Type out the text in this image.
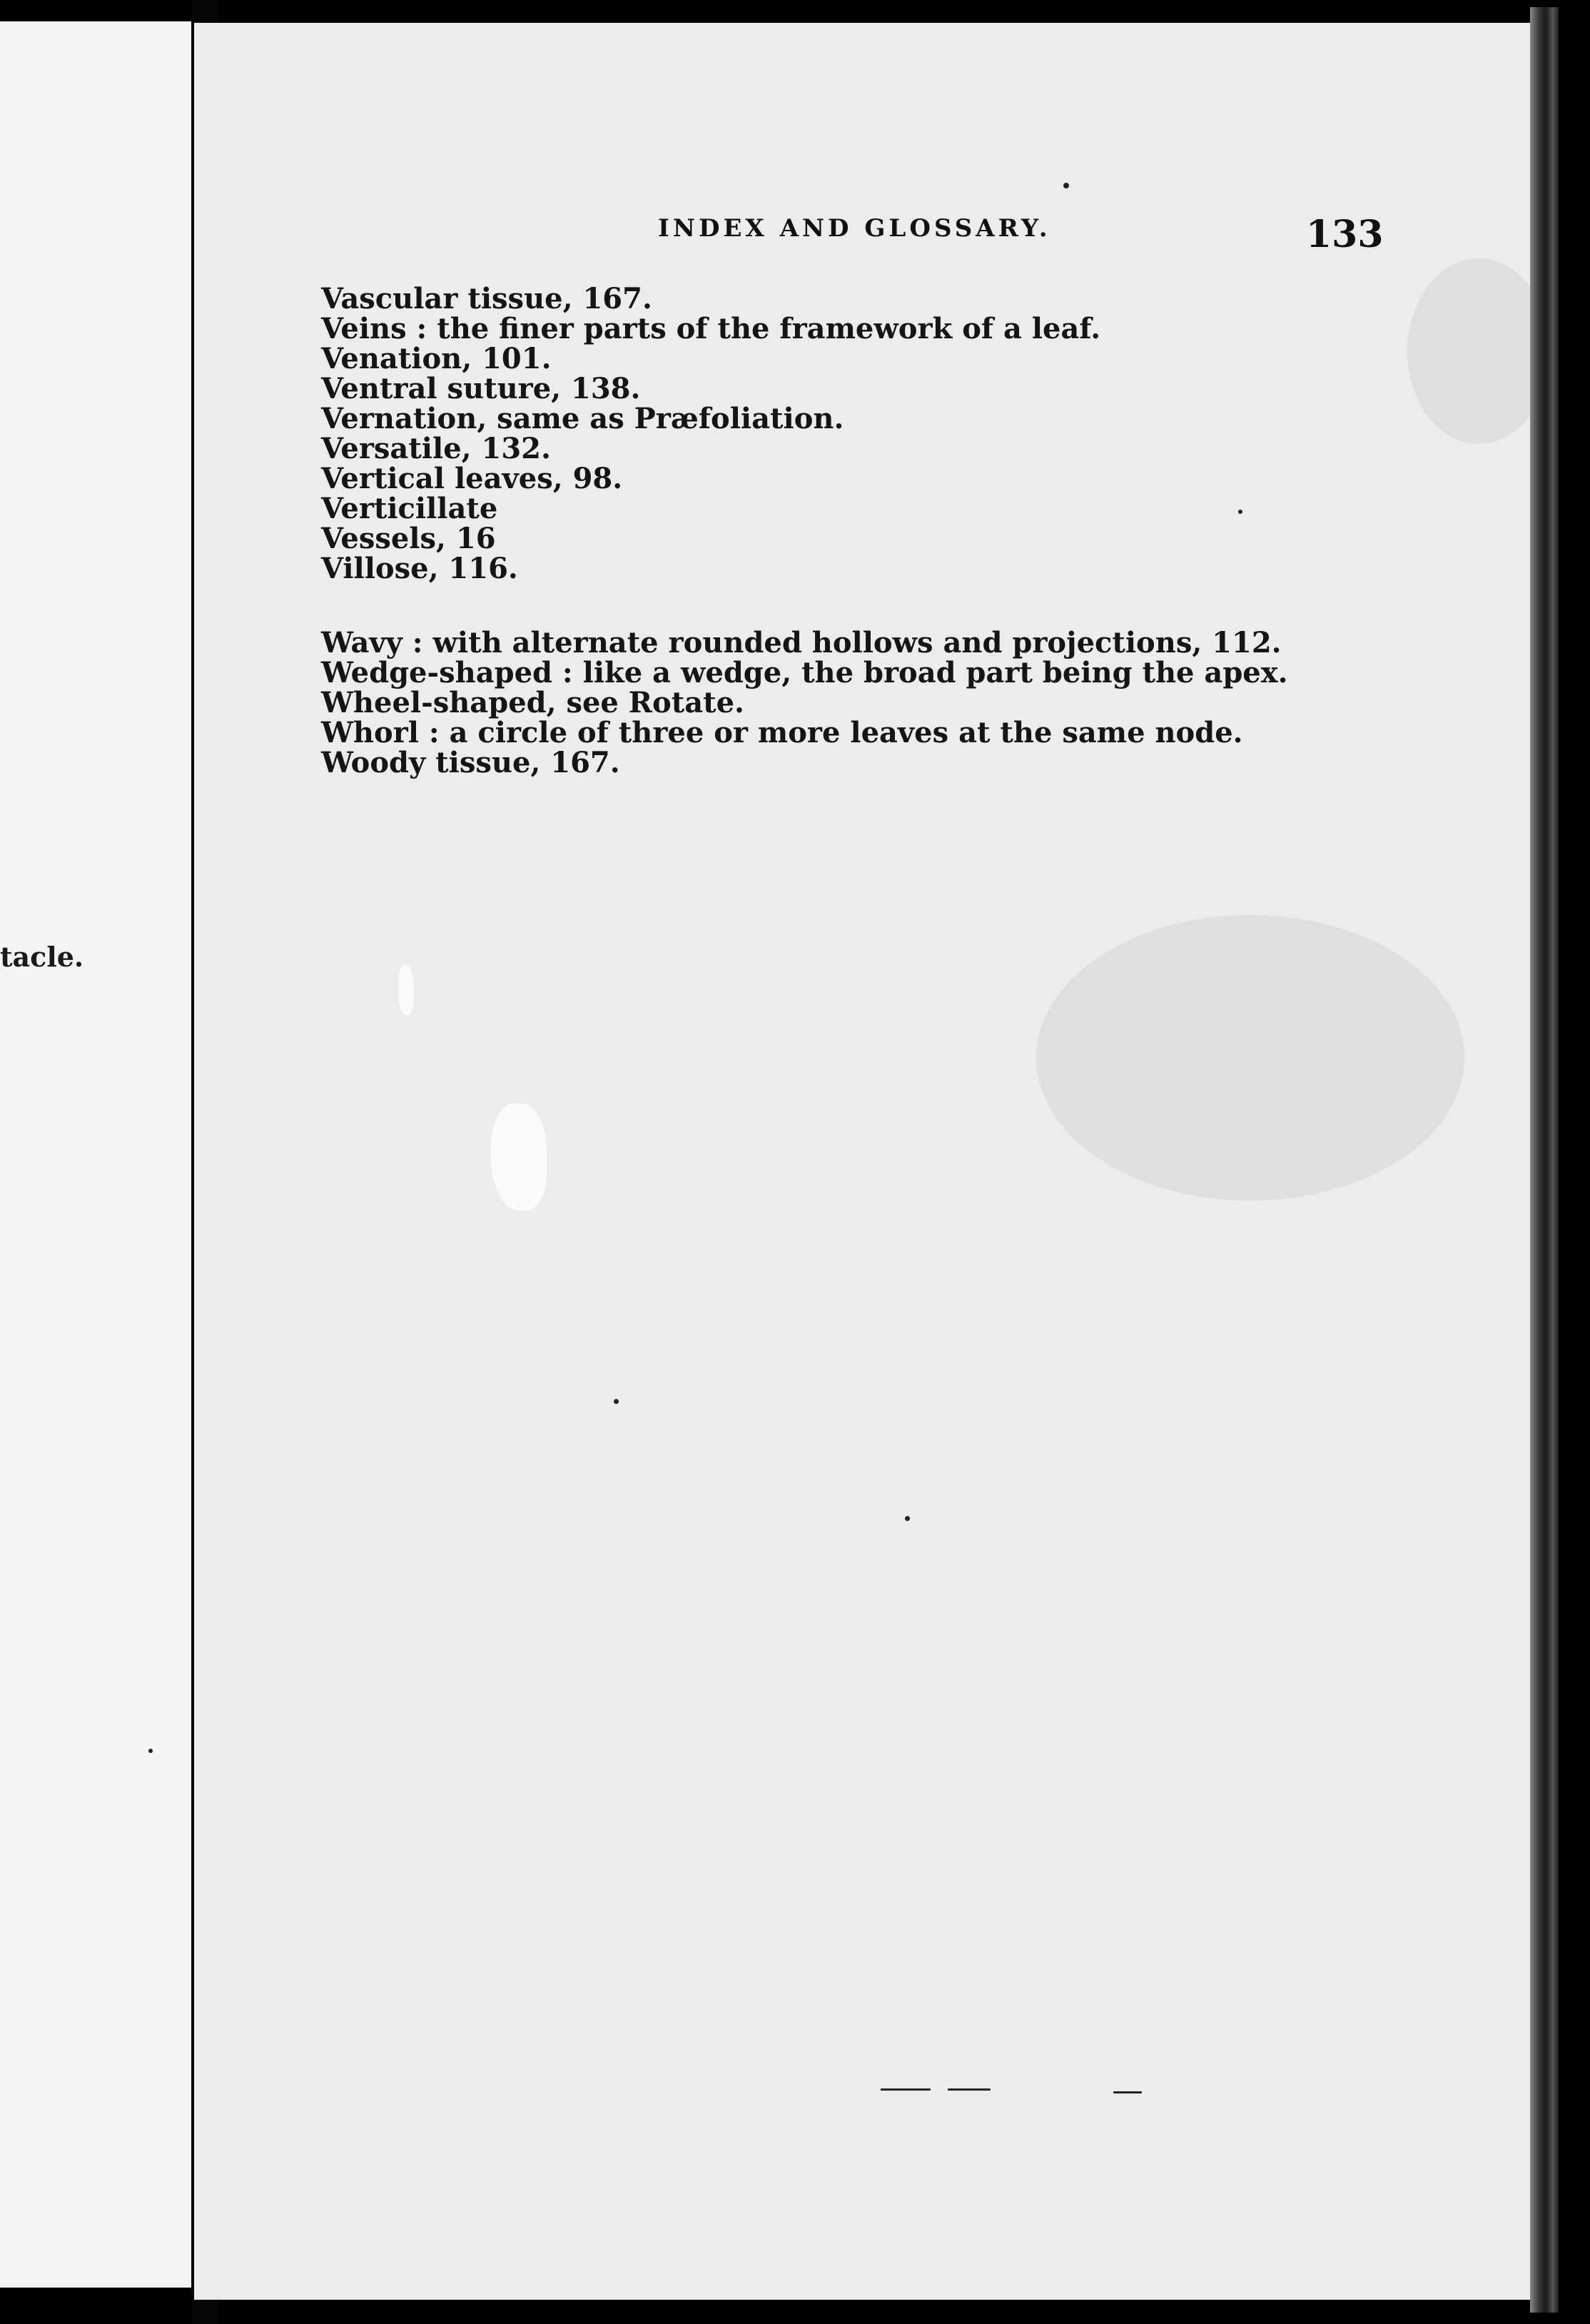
tacle.
INDEX AND GLOSSARY.	133
Vascular tissue, 167.
Veins : the finer parts of the framework of a leaf.
Venation, 101.
Ventral suture, 138.
Vernation, same as Præfoliation.
Versatile, 132.
Vertical leaves, 98.
Verticillate
Vessels, 16
Villose, 116.
Wavy : with alternate rounded hollows and projections, 112.
Wedge-shaped : like a wedge, the broad part being the apex.
Wheel-shaped, see Rotate.
Whorl : a circle of three or more leaves at the same node.
Woody tissue, 167.
